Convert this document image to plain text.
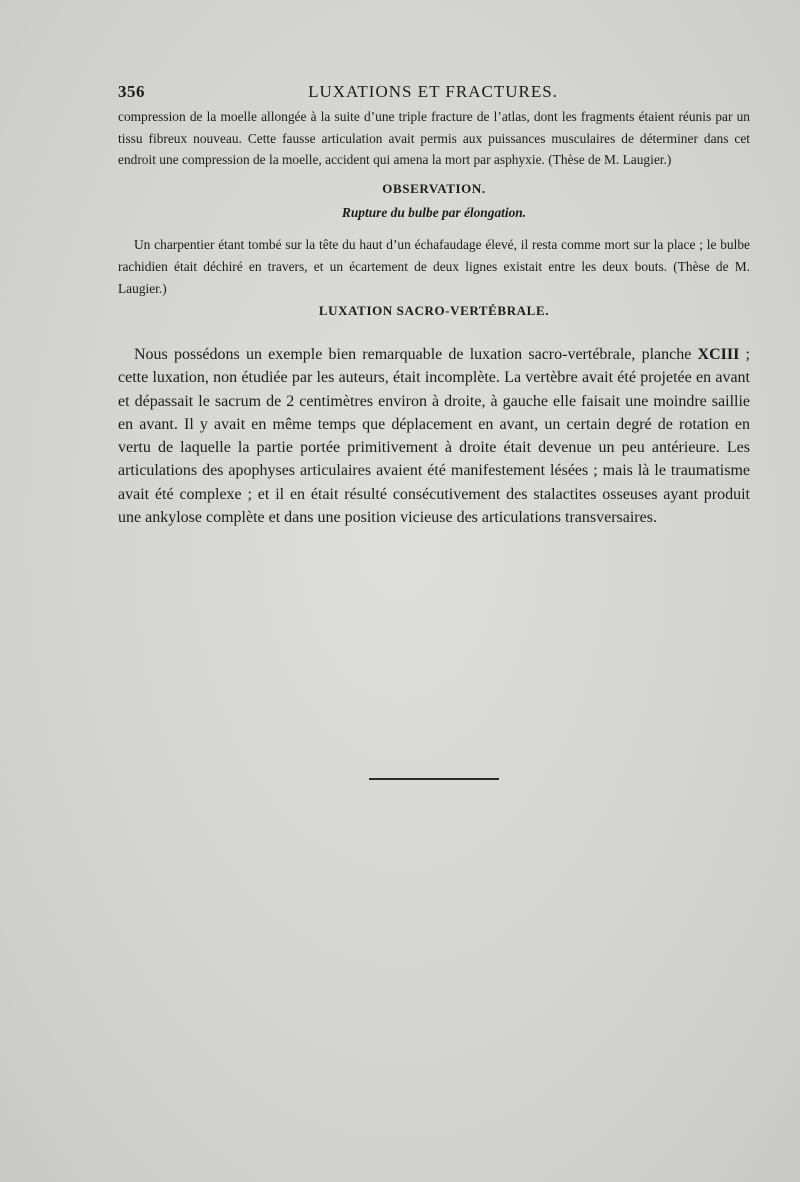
356	LUXATIONS ET FRACTURES.

compression de la moelle allongée à la suite d’une triple fracture de l’atlas, dont les fragments étaient réunis par un tissu fibreux nouveau. Cette fausse articulation avait permis aux puissances musculaires de déterminer dans cet endroit une compression de la moelle, accident qui amena la mort par asphyxie. (Thèse de M. Laugier.)

OBSERVATION.
Rupture du bulbe par élongation.

Un charpentier étant tombé sur la tête du haut d’un échafaudage élevé, il resta comme mort sur la place ; le bulbe rachidien était déchiré en travers, et un écartement de deux lignes existait entre les deux bouts. (Thèse de M. Laugier.)

LUXATION SACRO-VERTÉBRALE.

Nous possédons un exemple bien remarquable de luxation sacro-vertébrale, planche XCIII ; cette luxation, non étudiée par les auteurs, était incomplète. La vertèbre avait été projetée en avant et dépassait le sacrum de 2 centimètres environ à droite, à gauche elle faisait une moindre saillie en avant. Il y avait en même temps que déplacement en avant, un certain degré de rotation en vertu de laquelle la partie portée primitivement à droite était devenue un peu antérieure. Les articulations des apophyses articulaires avaient été manifestement lésées ; mais là le traumatisme avait été complexe ; et il en était résulté consécutivement des stalactites osseuses ayant produit une ankylose complète et dans une position vicieuse des articulations transversaires.
